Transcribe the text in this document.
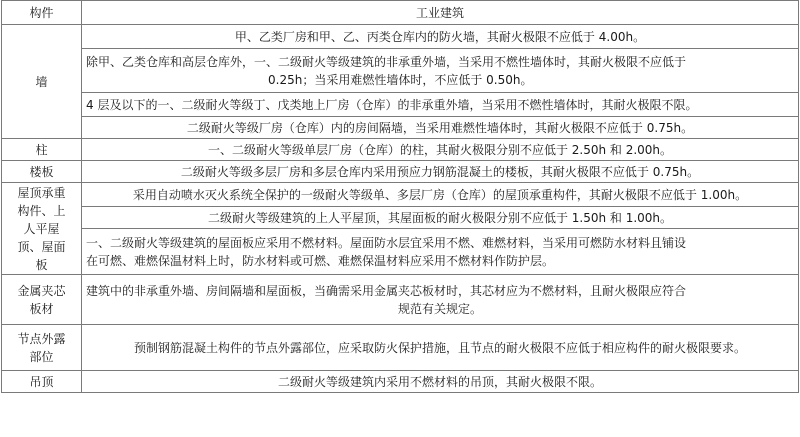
构件	工业建筑
墙	甲、乙类厂房和甲、乙、丙类仓库内的防火墙，其耐火极限不应低于 4.00h。

	除甲、乙类仓库和高层仓库外，一、二级耐火等级建筑的非承重外墙，当采用不燃性墙体时，其耐火极限不应低于
0.25h；当采用难燃性墙体时，不应低于 0.50h。

	4 层及以下的一、二级耐火等级丁、戊类地上厂房（仓库）的非承重外墙，当采用不燃性墙体时，其耐火极限不限。
	二级耐火等级厂房（仓库）内的房间隔墙，当采用难燃性墙体时，其耐火极限不应低于 0.75h。
柱	一、二级耐火等级单层厂房（仓库）的柱，其耐火极限分别不应低于 2.50h 和 2.00h。
楼板	二级耐火等级多层厂房和多层仓库内采用预应力钢筋混凝土的楼板，其耐火极限不应低于 0.75h。

屋顶承重
构件、上
人平屋
顶、屋面
板	采用自动喷水灭火系统全保护的一级耐火等级单、多层厂房（仓库）的屋顶承重构件，其耐火极限不应低于 1.00h。
	二级耐火等级建筑的上人平屋顶，其屋面板的耐火极限分别不应低于 1.50h 和 1.00h。

	一、二级耐火等级建筑的屋面板应采用不燃材料。屋面防水层宜采用不燃、难燃材料，当采用可燃防水材料且铺设
在可燃、难燃保温材料上时，防水材料或可燃、难燃保温材料应采用不燃材料作防护层。

金属夹芯
板材	建筑中的非承重外墙、房间隔墙和屋面板，当确需采用金属夹芯板材时，其芯材应为不燃材料，且耐火极限应符合
规范有关规定。

节点外露
部位	预制钢筋混凝土构件的节点外露部位，应采取防火保护措施，且节点的耐火极限不应低于相应构件的耐火极限要求。
吊顶	二级耐火等级建筑内采用不燃材料的吊顶，其耐火极限不限。
